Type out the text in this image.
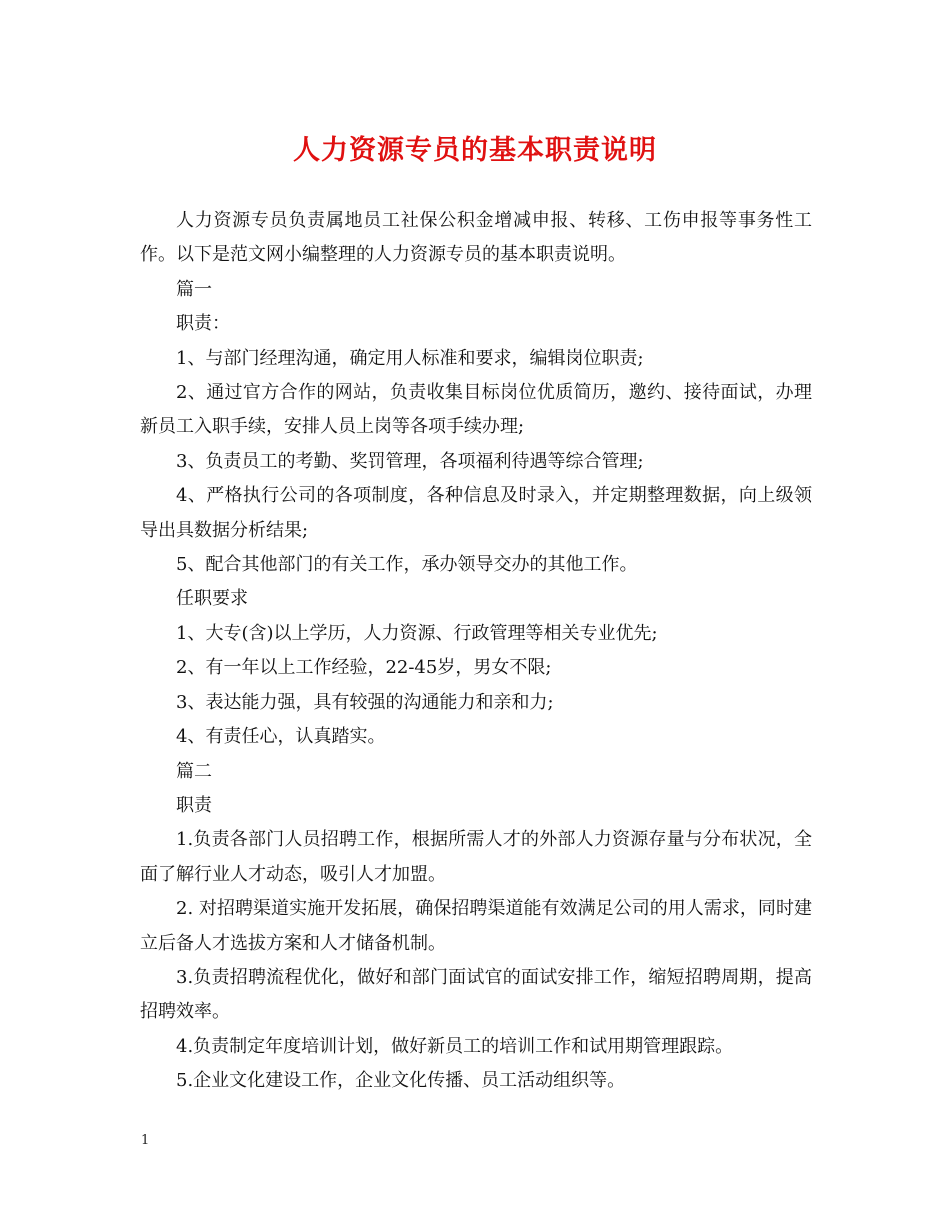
人力资源专员的基本职责说明

人力资源专员负责属地员工社保公积金增减申报、转移、工伤申报等事务性工作。以下是范文网小编整理的人力资源专员的基本职责说明。

篇一

职责：

1、与部门经理沟通，确定用人标准和要求，编辑岗位职责;

2、通过官方合作的网站，负责收集目标岗位优质简历，邀约、接待面试，办理新员工入职手续，安排人员上岗等各项手续办理;

3、负责员工的考勤、奖罚管理，各项福利待遇等综合管理;

4、严格执行公司的各项制度，各种信息及时录入，并定期整理数据，向上级领导出具数据分析结果;

5、配合其他部门的有关工作，承办领导交办的其他工作。

任职要求

1、大专(含)以上学历，人力资源、行政管理等相关专业优先;

2、有一年以上工作经验，22-45岁，男女不限;

3、表达能力强，具有较强的沟通能力和亲和力;

4、有责任心，认真踏实。

篇二

职责

1.负责各部门人员招聘工作，根据所需人才的外部人力资源存量与分布状况，全面了解行业人才动态，吸引人才加盟。

2. 对招聘渠道实施开发拓展，确保招聘渠道能有效满足公司的用人需求，同时建立后备人才选拔方案和人才储备机制。

3.负责招聘流程优化，做好和部门面试官的面试安排工作，缩短招聘周期，提高招聘效率。

4.负责制定年度培训计划，做好新员工的培训工作和试用期管理跟踪。

5.企业文化建设工作，企业文化传播、员工活动组织等。

1
